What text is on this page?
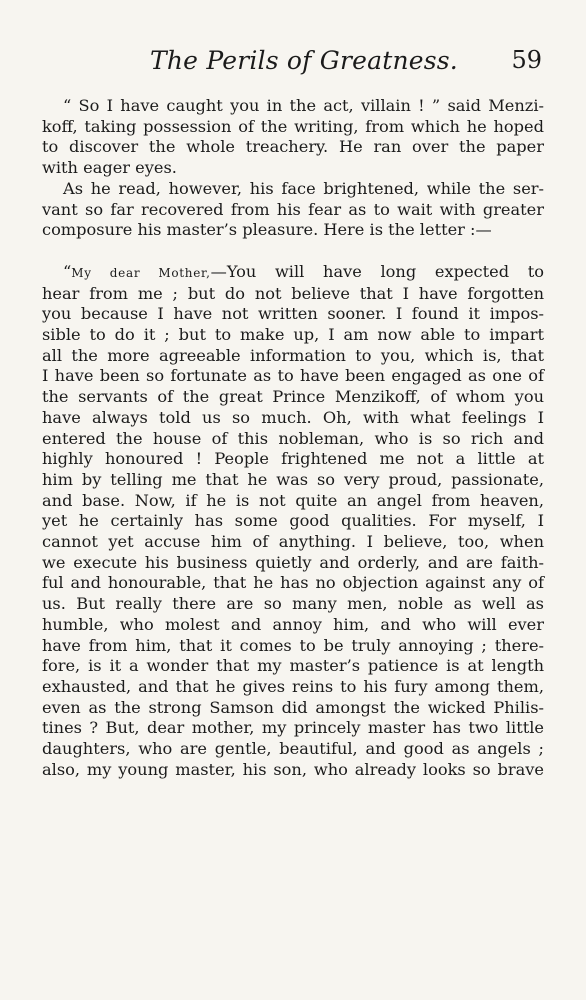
The Perils of Greatness. 59
“ So I have caught you in the act, villain ! ” said Menzi-
koff, taking possession of the writing, from which he hoped
to discover the whole treachery. He ran over the paper
with eager eyes.
As he read, however, his face brightened, while the ser-
vant so far recovered from his fear as to wait with greater
composure his master’s pleasure. Here is the letter :—
“My dear Mother,—You will have long expected to
hear from me ; but do not believe that I have forgotten
you because I have not written sooner. I found it impos-
sible to do it ; but to make up, I am now able to impart
all the more agreeable information to you, which is, that
I have been so fortunate as to have been engaged as one of
the servants of the great Prince Menzikoff, of whom you
have always told us so much. Oh, with what feelings I
entered the house of this nobleman, who is so rich and
highly honoured ! People frightened me not a little at
him by telling me that he was so very proud, passionate,
and base. Now, if he is not quite an angel from heaven,
yet he certainly has some good qualities. For myself, I
cannot yet accuse him of anything. I believe, too, when
we execute his business quietly and orderly, and are faith-
ful and honourable, that he has no objection against any of
us. But really there are so many men, noble as well as
humble, who molest and annoy him, and who will ever
have from him, that it comes to be truly annoying ; there-
fore, is it a wonder that my master’s patience is at length
exhausted, and that he gives reins to his fury among them,
even as the strong Samson did amongst the wicked Philis-
tines ? But, dear mother, my princely master has two little
daughters, who are gentle, beautiful, and good as angels ;
also, my young master, his son, who already looks so brave
